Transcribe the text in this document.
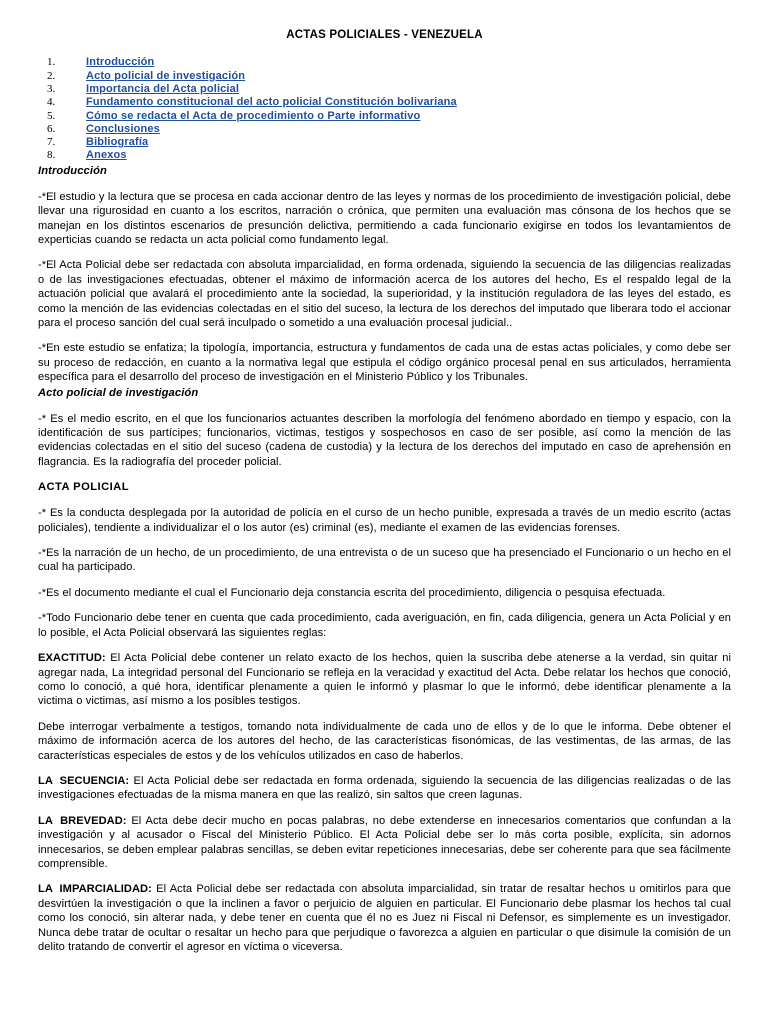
ACTAS POLICIALES - VENEZUELA
1.	Introducción
2.	Acto policial de investigación
3.	Importancia del Acta policial
4.	Fundamento constitucional del acto policial Constitución bolivariana
5.	Cómo se redacta el Acta de procedimiento o Parte informativo
6.	Conclusiones
7.	Bibliografía
8.	Anexos
Introducción

-*El estudio y la lectura que se procesa en cada accionar dentro de las leyes y normas de los procedimiento de investigación policial, debe llevar una rigurosidad en cuanto a los escritos, narración o crónica, que permiten una evaluación mas cónsona de los hechos que se manejan en los distintos escenarios de presunción delictiva, permitiendo a cada funcionario exigirse en todos los levantamientos de experticias cuando se redacta un acta policial como fundamento legal.

-*El Acta Policial debe ser redactada con absoluta imparcialidad, en forma ordenada, siguiendo la secuencia de las diligencias realizadas o de las investigaciones efectuadas, obtener el máximo de información acerca de los autores del hecho, Es el respaldo legal de la actuación policial que avalará el procedimiento ante la sociedad, la superioridad, y la institución reguladora de las leyes del estado, es como la mención de las evidencias colectadas en el sitio del suceso, la lectura de los derechos del imputado que liberara todo el accionar para el proceso sanción del cual será inculpado o sometido a una evaluación procesal judicial..

-*En este estudio se enfatiza; la tipología, importancia, estructura y fundamentos de cada una de estas actas policiales, y como debe ser su proceso de redacción, en cuanto a la normativa legal que estipula el código orgánico procesal penal en sus articulados, herramienta específica para el desarrollo del proceso de investigación en el Ministerio Público y los Tribunales.

Acto policial de investigación

-* Es el medio escrito, en el que los funcionarios actuantes describen la morfología del fenómeno abordado en tiempo y espacio, con la identificación de sus partícipes; funcionarios, victimas, testigos y sospechosos en caso de ser posible, así como la mención de las evidencias colectadas en el sitio del suceso (cadena de custodia) y la lectura de los derechos del imputado en caso de aprehensión en flagrancia. Es la radiografía del proceder policial.

ACTA POLICIAL

-* Es la conducta desplegada por la autoridad de policía en el curso de un hecho punible, expresada a través de un medio escrito (actas policiales), tendiente a individualizar el o los autor (es) criminal (es), mediante el examen de las evidencias forenses.

-*Es la narración de un hecho, de un procedimiento, de una entrevista o de un suceso que ha presenciado el Funcionario o un hecho en el cual ha participado.

-*Es el documento mediante el cual el Funcionario deja constancia escrita del procedimiento, diligencia o pesquisa efectuada.

-*Todo Funcionario debe tener en cuenta que cada procedimiento, cada averiguación, en fin, cada diligencia, genera un Acta Policial y en lo posible, el Acta Policial observará las siguientes reglas:

EXACTITUD: El Acta Policial debe contener un relato exacto de los hechos, quien la suscriba debe atenerse a la verdad, sin quitar ni agregar nada, La integridad personal del Funcionario se refleja en la veracidad y exactitud del Acta. Debe relatar los hechos que conoció, como lo conoció, a qué hora, identificar plenamente a quien le informó y plasmar lo que le informó, debe identificar plenamente a la victima o victimas, así mismo a los posibles testigos.

Debe interrogar verbalmente a testigos, tomando nota individualmente de cada uno de ellos y de lo que le informa. Debe obtener el máximo de información acerca de los autores del hecho, de las características fisonómicas, de las vestimentas, de las armas, de las características especiales de estos y de los vehículos utilizados en caso de haberlos.

LA SECUENCIA: El Acta Policial debe ser redactada en forma ordenada, siguiendo la secuencia de las diligencias realizadas o de las investigaciones efectuadas de la misma manera en que las realizó, sin saltos que creen lagunas.

LA BREVEDAD: El Acta debe decir mucho en pocas palabras, no debe extenderse en innecesarios comentarios que confundan a la investigación y al acusador o Fiscal del Ministerio Público. El Acta Policial debe ser lo más corta posible, explícita, sin adornos innecesarios, se deben emplear palabras sencillas, se deben evitar repeticiones innecesarias, debe ser coherente para que sea fácilmente comprensible.

LA IMPARCIALIDAD: El Acta Policial debe ser redactada con absoluta imparcialidad, sin tratar de resaltar hechos u omitirlos para que desvirtúen la investigación o que la inclinen a favor o perjuicio de alguien en particular. El Funcionario debe plasmar los hechos tal cual como los conoció, sin alterar nada, y debe tener en cuenta que él no es Juez ni Fiscal ni Defensor, es simplemente es un investigador. Nunca debe tratar de ocultar o resaltar un hecho para que perjudique o favorezca a alguien en particular o que disimule la comisión de un delito tratando de convertir el agresor en víctima o viceversa.
